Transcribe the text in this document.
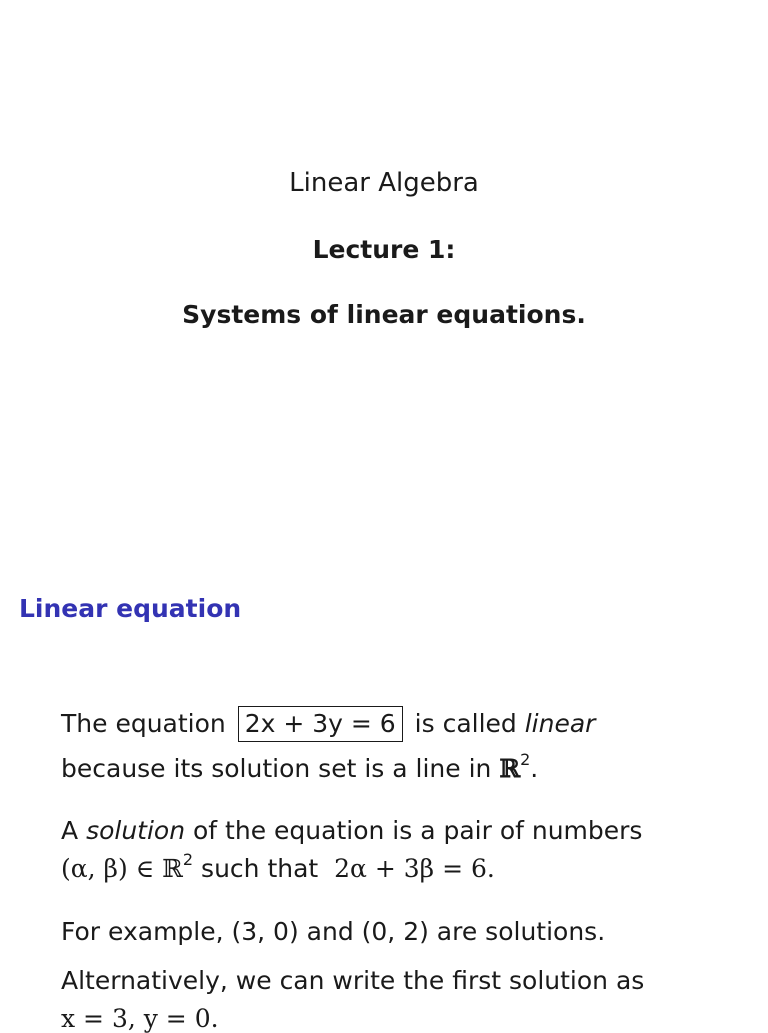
Linear Algebra
Lecture 1:
Systems of linear equations.
Linear equation
The equation 2x + 3y = 6 is called linear
because its solution set is a line in ℝ$^2$.
A solution of the equation is a pair of numbers
(α, β) ∈ ℝ$^2$ such that  2α + 3β = 6.
For example, (3, 0) and (0, 2) are solutions.
Alternatively, we can write the first solution as
x = 3, y = 0.
